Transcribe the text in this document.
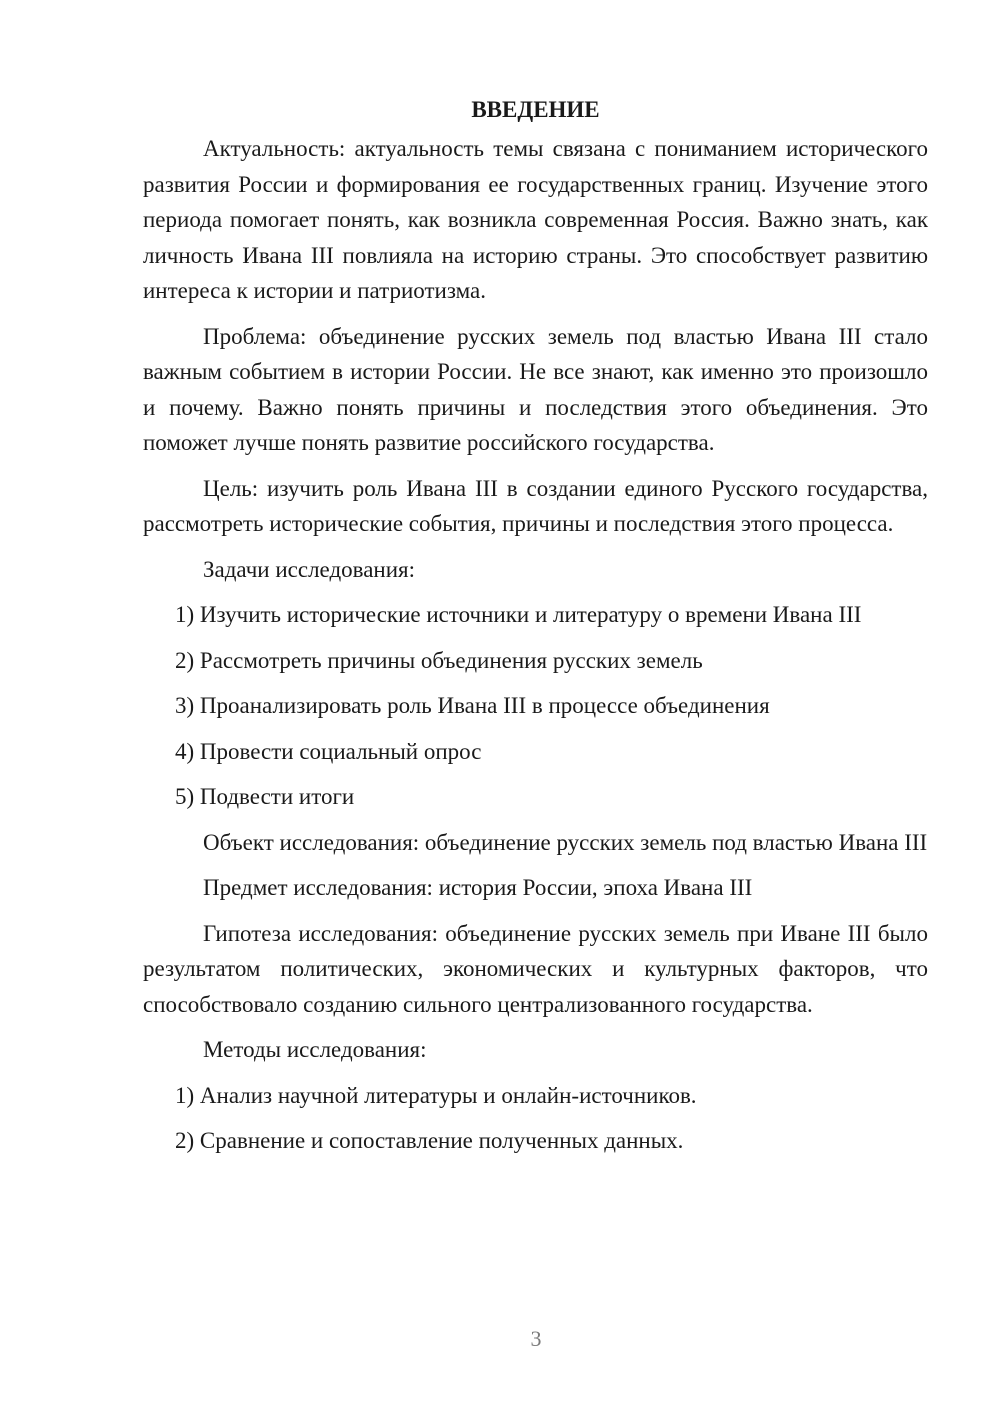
ВВЕДЕНИЕ

Актуальность: актуальность темы связана с пониманием исторического развития России и формирования ее государственных границ. Изучение этого периода помогает понять, как возникла современная Россия. Важно знать, как личность Ивана III повлияла на историю страны. Это способствует развитию интереса к истории и патриотизма.

Проблема: объединение русских земель под властью Ивана III стало важным событием в истории России. Не все знают, как именно это произошло и почему. Важно понять причины и последствия этого объединения. Это поможет лучше понять развитие российского государства.

Цель: изучить роль Ивана III в создании единого Русского государства, рассмотреть исторические события, причины и последствия этого процесса.

Задачи исследования:
1) Изучить исторические источники и литературу о времени Ивана III
2) Рассмотреть причины объединения русских земель
3) Проанализировать роль Ивана III в процессе объединения
4) Провести социальный опрос
5) Подвести итоги

Объект исследования: объединение русских земель под властью Ивана III

Предмет исследования: история России, эпоха Ивана III

Гипотеза исследования: объединение русских земель при Иване III было результатом политических, экономических и культурных факторов, что способствовало созданию сильного централизованного государства.

Методы исследования:
1) Анализ научной литературы и онлайн-источников.
2) Сравнение и сопоставление полученных данных.
3
